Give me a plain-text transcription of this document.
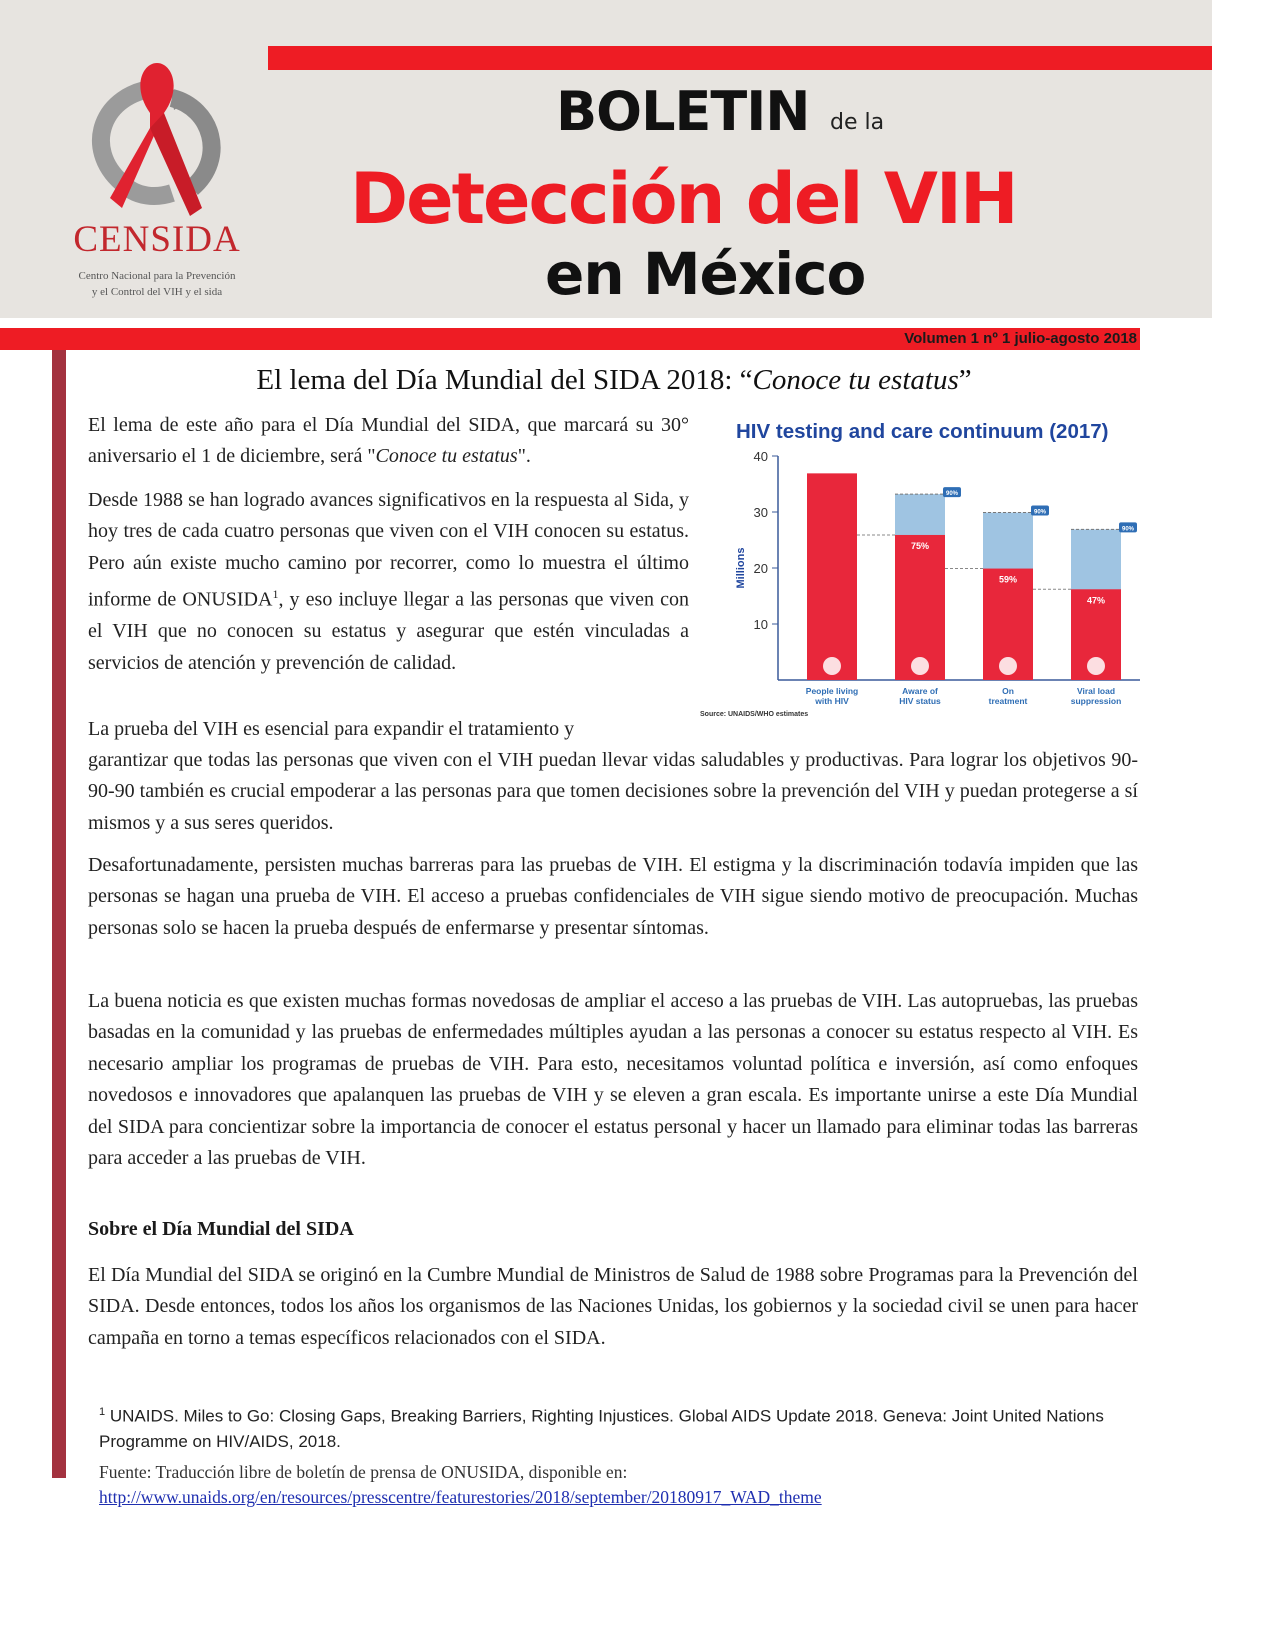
CENSIDA
Centro Nacional para la Prevención
y el Control del VIH y el sida
BOLETIN de la
Detección del VIH
en México
Volumen 1 nº 1 julio-agosto 2018
El lema del Día Mundial del SIDA 2018: “Conoce tu estatus”
El lema de este año para el Día Mundial del SIDA, que marcará su 30° aniversario el 1 de diciembre, será "Conoce tu estatus".
Desde 1988 se han logrado avances significativos en la respuesta al Sida, y hoy tres de cada cuatro personas que viven con el VIH conocen su estatus. Pero aún existe mucho camino por recorrer, como lo muestra el último informe de ONUSIDA$^1$, y eso incluye llegar a las personas que viven con el VIH que no conocen su estatus y asegurar que estén vinculadas a servicios de atención y prevención de calidad.
La prueba del VIH es esencial para expandir el tratamiento y
garantizar que todas las personas que viven con el VIH puedan llevar vidas saludables y productivas. Para lograr los objetivos 90-90-90 también es crucial empoderar a las personas para que tomen decisiones sobre la prevención del VIH y puedan protegerse a sí mismos y a sus seres queridos.
Desafortunadamente, persisten muchas barreras para las pruebas de VIH. El estigma y la discriminación todavía impiden que las personas se hagan una prueba de VIH. El acceso a pruebas confidenciales de VIH sigue siendo motivo de preocupación. Muchas personas solo se hacen la prueba después de enfermarse y presentar síntomas.
La buena noticia es que existen muchas formas novedosas de ampliar el acceso a las pruebas de VIH. Las autopruebas, las pruebas basadas en la comunidad y las pruebas de enfermedades múltiples ayudan a las personas a conocer su estatus respecto al VIH. Es necesario ampliar los programas de pruebas de VIH. Para esto, necesitamos voluntad política e inversión, así como enfoques novedosos e innovadores que apalanquen las pruebas de VIH y se eleven a gran escala. Es importante unirse a este Día Mundial del SIDA para concientizar sobre la importancia de conocer el estatus personal y hacer un llamado para eliminar todas las barreras para acceder a las pruebas de VIH.
Sobre el Día Mundial del SIDA
El Día Mundial del SIDA se originó en la Cumbre Mundial de Ministros de Salud de 1988 sobre Programas para la Prevención del SIDA. Desde entonces, todos los años los organismos de las Naciones Unidas, los gobiernos y la sociedad civil se unen para hacer campaña en torno a temas específicos relacionados con el SIDA.
$^1$ UNAIDS. Miles to Go: Closing Gaps, Breaking Barriers, Righting Injustices. Global AIDS Update 2018. Geneva: Joint United Nations Programme on HIV/AIDS, 2018.
Fuente: Traducción libre de boletín de prensa de ONUSIDA, disponible en: http://www.unaids.org/en/resources/presscentre/featurestories/2018/september/20180917_WAD_theme
10
20
30
40
Millions
People living
with HIV
90%
75%
Aware of
HIV status
90%
59%
On
treatment
90%
47%
Viral load
suppression
Source: UNAIDS/WHO estimates
HIV testing and care continuum (2017)
